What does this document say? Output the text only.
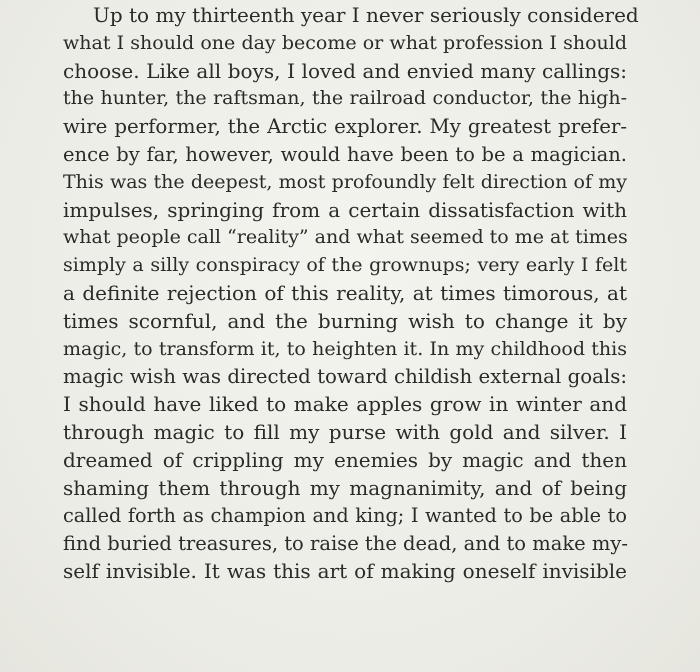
Up to my thirteenth year I never seriously considered
what I should one day become or what profession I should
choose. Like all boys, I loved and envied many callings:
the hunter, the raftsman, the railroad conductor, the high-
wire performer, the Arctic explorer. My greatest prefer-
ence by far, however, would have been to be a magician.
This was the deepest, most profoundly felt direction of my
impulses, springing from a certain dissatisfaction with
what people call “reality” and what seemed to me at times
simply a silly conspiracy of the grownups; very early I felt
a definite rejection of this reality, at times timorous, at
times scornful, and the burning wish to change it by
magic, to transform it, to heighten it. In my childhood this
magic wish was directed toward childish external goals:
I should have liked to make apples grow in winter and
through magic to fill my purse with gold and silver. I
dreamed of crippling my enemies by magic and then
shaming them through my magnanimity, and of being
called forth as champion and king; I wanted to be able to
find buried treasures, to raise the dead, and to make my-
self invisible. It was this art of making oneself invisible
